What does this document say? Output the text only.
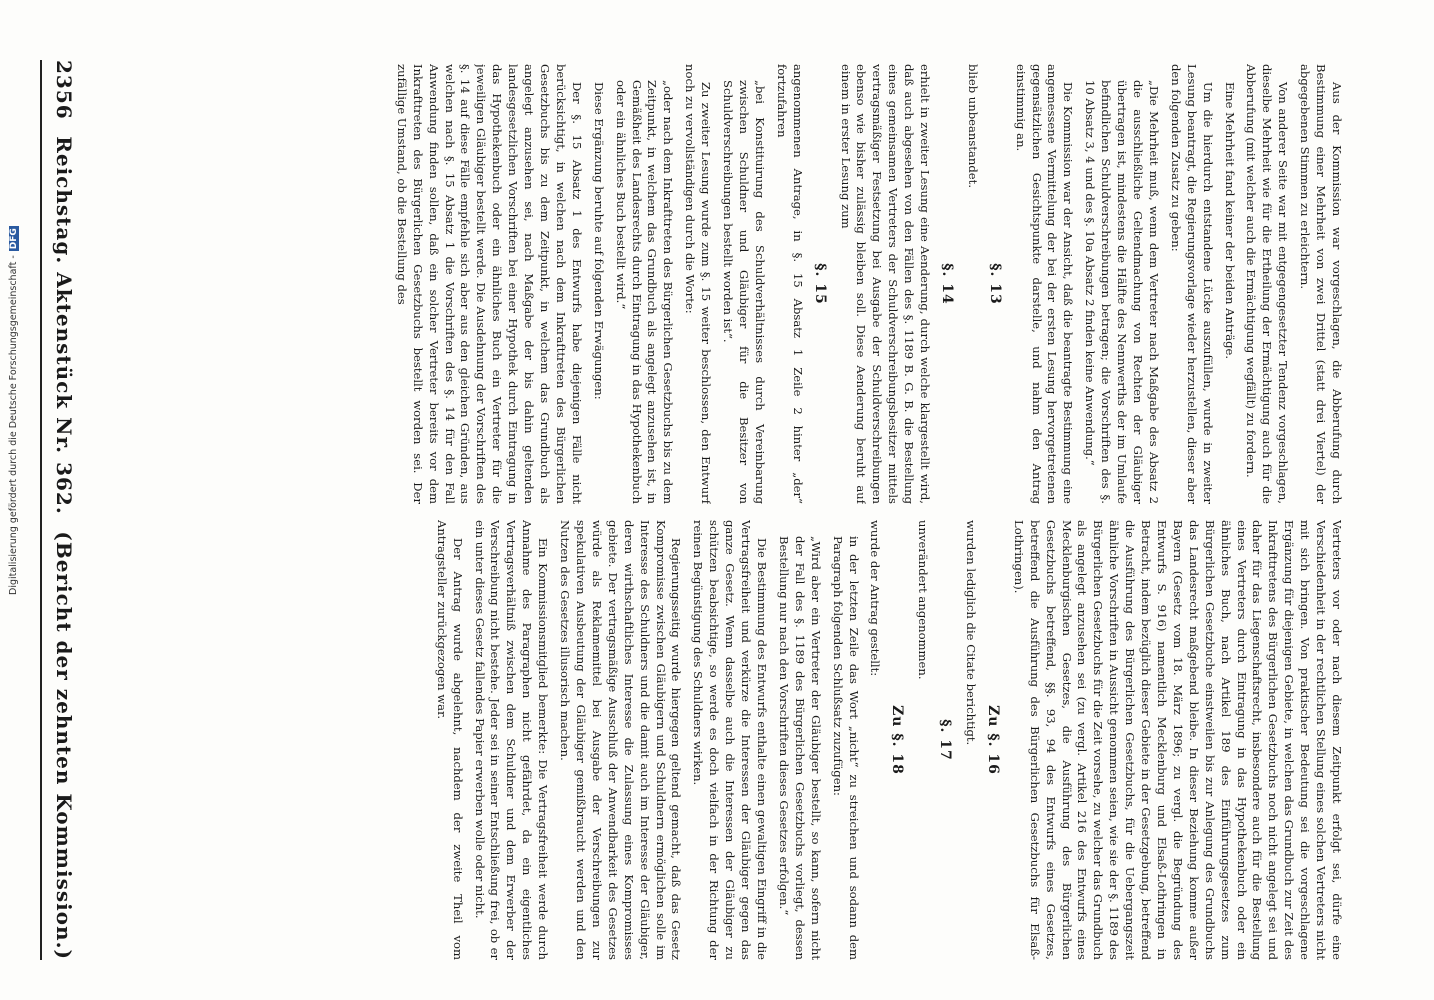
2356
Reichstag. Aktenstück Nr. 362.
(Bericht der zehnten Kommission.)

Aus der Kommission war vorgeschlagen, die Abberufung durch Bestimmung einer Mehrheit von zwei Drittel (statt drei Viertel) der abgegebenen Stimmen zu erleichtern.

Von anderer Seite war mit entgegengesetzter Tendenz vorgeschlagen, dieselbe Mehrheit wie für die Ertheilung der Ermächtigung auch für die Abberufung (mit welcher auch die Ermächtigung wegfällt) zu fordern.

Eine Mehrheit fand keiner der beiden Anträge.

Um die hierdurch entstandene Lücke auszufüllen, wurde in zweiter Lesung beantragt, die Regierungsvorlage wieder herzustellen, dieser aber den folgenden Zusatz zu geben:

„Die Mehrheit muß, wenn dem Vertreter nach Maßgabe des Absatz 2 die ausschließliche Geltendmachung von Rechten der Gläubiger übertragen ist, mindestens die Hälfte des Nennwerths der im Umlaufe befindlichen Schuldverschreibungen betragen; die Vorschriften des §. 10 Absatz 3, 4 und des §. 10a Absatz 2 finden keine Anwendung.“

Die Kommission war der Ansicht, daß die beantragte Bestimmung eine angemessene Vermittelung der bei der ersten Lesung hervorgetretenen gegensätzlichen Gesichtspunkte darstelle, und nahm den Antrag einstimmig an.

§. 13

blieb unbeanstandet.

§. 14

erhielt in zweiter Lesung eine Aenderung, durch welche klargestellt wird, daß auch abgesehen von den Fällen des §. 1189 B. G. B. die Bestellung eines gemeinsamen Vertreters der Schuldverschreibungsbesitzer mittels vertragsmäßiger Festsetzung bei Ausgabe der Schuldverschreibungen ebenso wie bisher zulässig bleiben soll. Diese Aenderung beruht auf einem in erster Lesung zum

§. 15

angenommenen Antrage, in §. 15 Absatz 1 Zeile 2 hinter „der“ fortzufahren

„bei Konstituirung des Schuldverhältnisses durch Vereinbarung zwischen Schuldner und Gläubiger für die Besitzer von Schuldverschreibungen bestellt worden ist“.

Zu zweiter Lesung wurde zum §. 15 weiter beschlossen, den Entwurf noch zu vervollständigen durch die Worte:

„oder nach dem Inkrafttreten des Bürgerlichen Gesetzbuchs bis zu dem Zeitpunkt, in welchem das Grundbuch als angelegt anzusehen ist, in Gemäßheit des Landesrechts durch Eintragung in das Hypothekenbuch oder ein ähnliches Buch bestellt wird.“

Diese Ergänzung beruhte auf folgenden Erwägungen:

Der §. 15 Absatz 1 des Entwurfs habe diejenigen Fälle nicht berücksichtigt, in welchen nach dem Inkrafttreten des Bürgerlichen Gesetzbuchs bis zu dem Zeitpunkt, in welchem das Grundbuch als angelegt anzusehen sei, nach Maßgabe der bis dahin geltenden landesgesetzlichen Vorschriften bei einer Hypothek durch Eintragung in das Hypothekenbuch oder ein ähnliches Buch ein Vertreter für die jeweiligen Gläubiger bestellt werde. Die Ausdehnung der Vorschriften des §. 14 auf diese Fälle empfehle sich aber aus den gleichen Gründen, aus welchen nach §. 15 Absatz 1 die Vorschriften des §. 14 für den Fall Anwendung finden sollen, daß ein solcher Vertreter bereits vor dem Inkrafttreten des Bürgerlichen Gesetzbuchs bestellt worden sei. Der zufällige Umstand, ob die Bestellung des

Vertreters vor oder nach diesem Zeitpunkt erfolgt sei, dürfe eine Verschiedenheit in der rechtlichen Stellung eines solchen Vertreters nicht mit sich bringen. Von praktischer Bedeutung sei die vorgeschlagene Ergänzung für diejenigen Gebiete, in welchen das Grundbuch zur Zeit des Inkrafttretens des Bürgerlichen Gesetzbuchs noch nicht angelegt sei und daher für das Liegenschaftsrecht, insbesondere auch für die Bestellung eines Vertreters durch Eintragung in das Hypothekenbuch oder ein ähnliches Buch, nach Artikel 189 des Einführungsgesetzes zum Bürgerlichen Gesetzbuche einstweilen bis zur Anlegung des Grundbuchs das Landesrecht maßgebend bleibe. In dieser Beziehung komme außer Bayern (Gesetz vom 18. März 1896; zu vergl. die Begründung des Entwurfs S. 916) namentlich Mecklenburg und Elsaß-Lothringen in Betracht, indem bezüglich dieser Gebiete in der Gesetzgebung, betreffend die Ausführung des Bürgerlichen Gesetzbuchs, für die Uebergangszeit ähnliche Vorschriften in Aussicht genommen seien, wie sie der §. 1189 des Bürgerlichen Gesetzbuchs für die Zeit vorsehe, zu welcher das Grundbuch als angelegt anzusehen sei (zu vergl. Artikel 216 des Entwurfs eines Mecklenburgischen Gesetzes, die Ausführung des Bürgerlichen Gesetzbuchs betreffend, §§. 93, 94 des Entwurfs eines Gesetzes, betreffend die Ausführung des Bürgerlichen Gesetzbuchs für Elsaß-Lothringen).

Zu §. 16

wurden lediglich die Citate berichtigt.

§. 17

unverändert angenommen.

Zu §. 18

wurde der Antrag gestellt:

in der letzten Zeile das Wort „nicht“ zu streichen und sodann dem Paragraph folgenden Schlußsatz zuzufügen:

„Wird aber ein Vertreter der Gläubiger bestellt, so kann, sofern nicht der Fall des §. 1189 des Bürgerlichen Gesetzbuchs vorliegt, dessen Bestellung nur nach den Vorschriften dieses Gesetzes erfolgen.“

Die Bestimmung des Entwurfs enthalte einen gewaltigen Eingriff in die Vertragsfreiheit und verkürze die Interessen der Gläubiger gegen das ganze Gesetz. Wenn dasselbe auch die Interessen der Gläubiger zu schützen beabsichtige, so werde es doch vielfach in der Richtung der reinen Begünstigung des Schuldners wirken.

Regierungsseitig wurde hiergegen geltend gemacht, daß das Gesetz Kompromisse zwischen Gläubigern und Schuldnern ermöglichen solle im Interesse des Schuldners und die damit auch im Interesse der Gläubiger, deren wirthschaftliches Interesse die Zulassung eines Kompromisses gebiete. Der vertragsmäßige Ausschluß der Anwendbarkeit des Gesetzes würde als Reklamemittel bei Ausgabe der Verschreibungen zur spekulativen Ausbeutung der Gläubiger gemißbraucht werden und den Nutzen des Gesetzes illusorisch machen.

Ein Kommissionsmitglied bemerkte: Die Vertragsfreiheit werde durch Annahme des Paragraphen nicht gefährdet, da ein eigentliches Vertragsverhältniß zwischen dem Schuldner und dem Erwerber der Verschreibung nicht bestehe. Jeder sei in seiner Entschließung frei, ob er ein unter dieses Gesetz fallendes Papier erwerben wolle oder nicht.

Der Antrag wurde abgelehnt, nachdem der zweite Theil vom Antragsteller zurückgezogen war.

Digitalisierung gefördert durch die Deutsche Forschungsgemeinschaft -DFG
